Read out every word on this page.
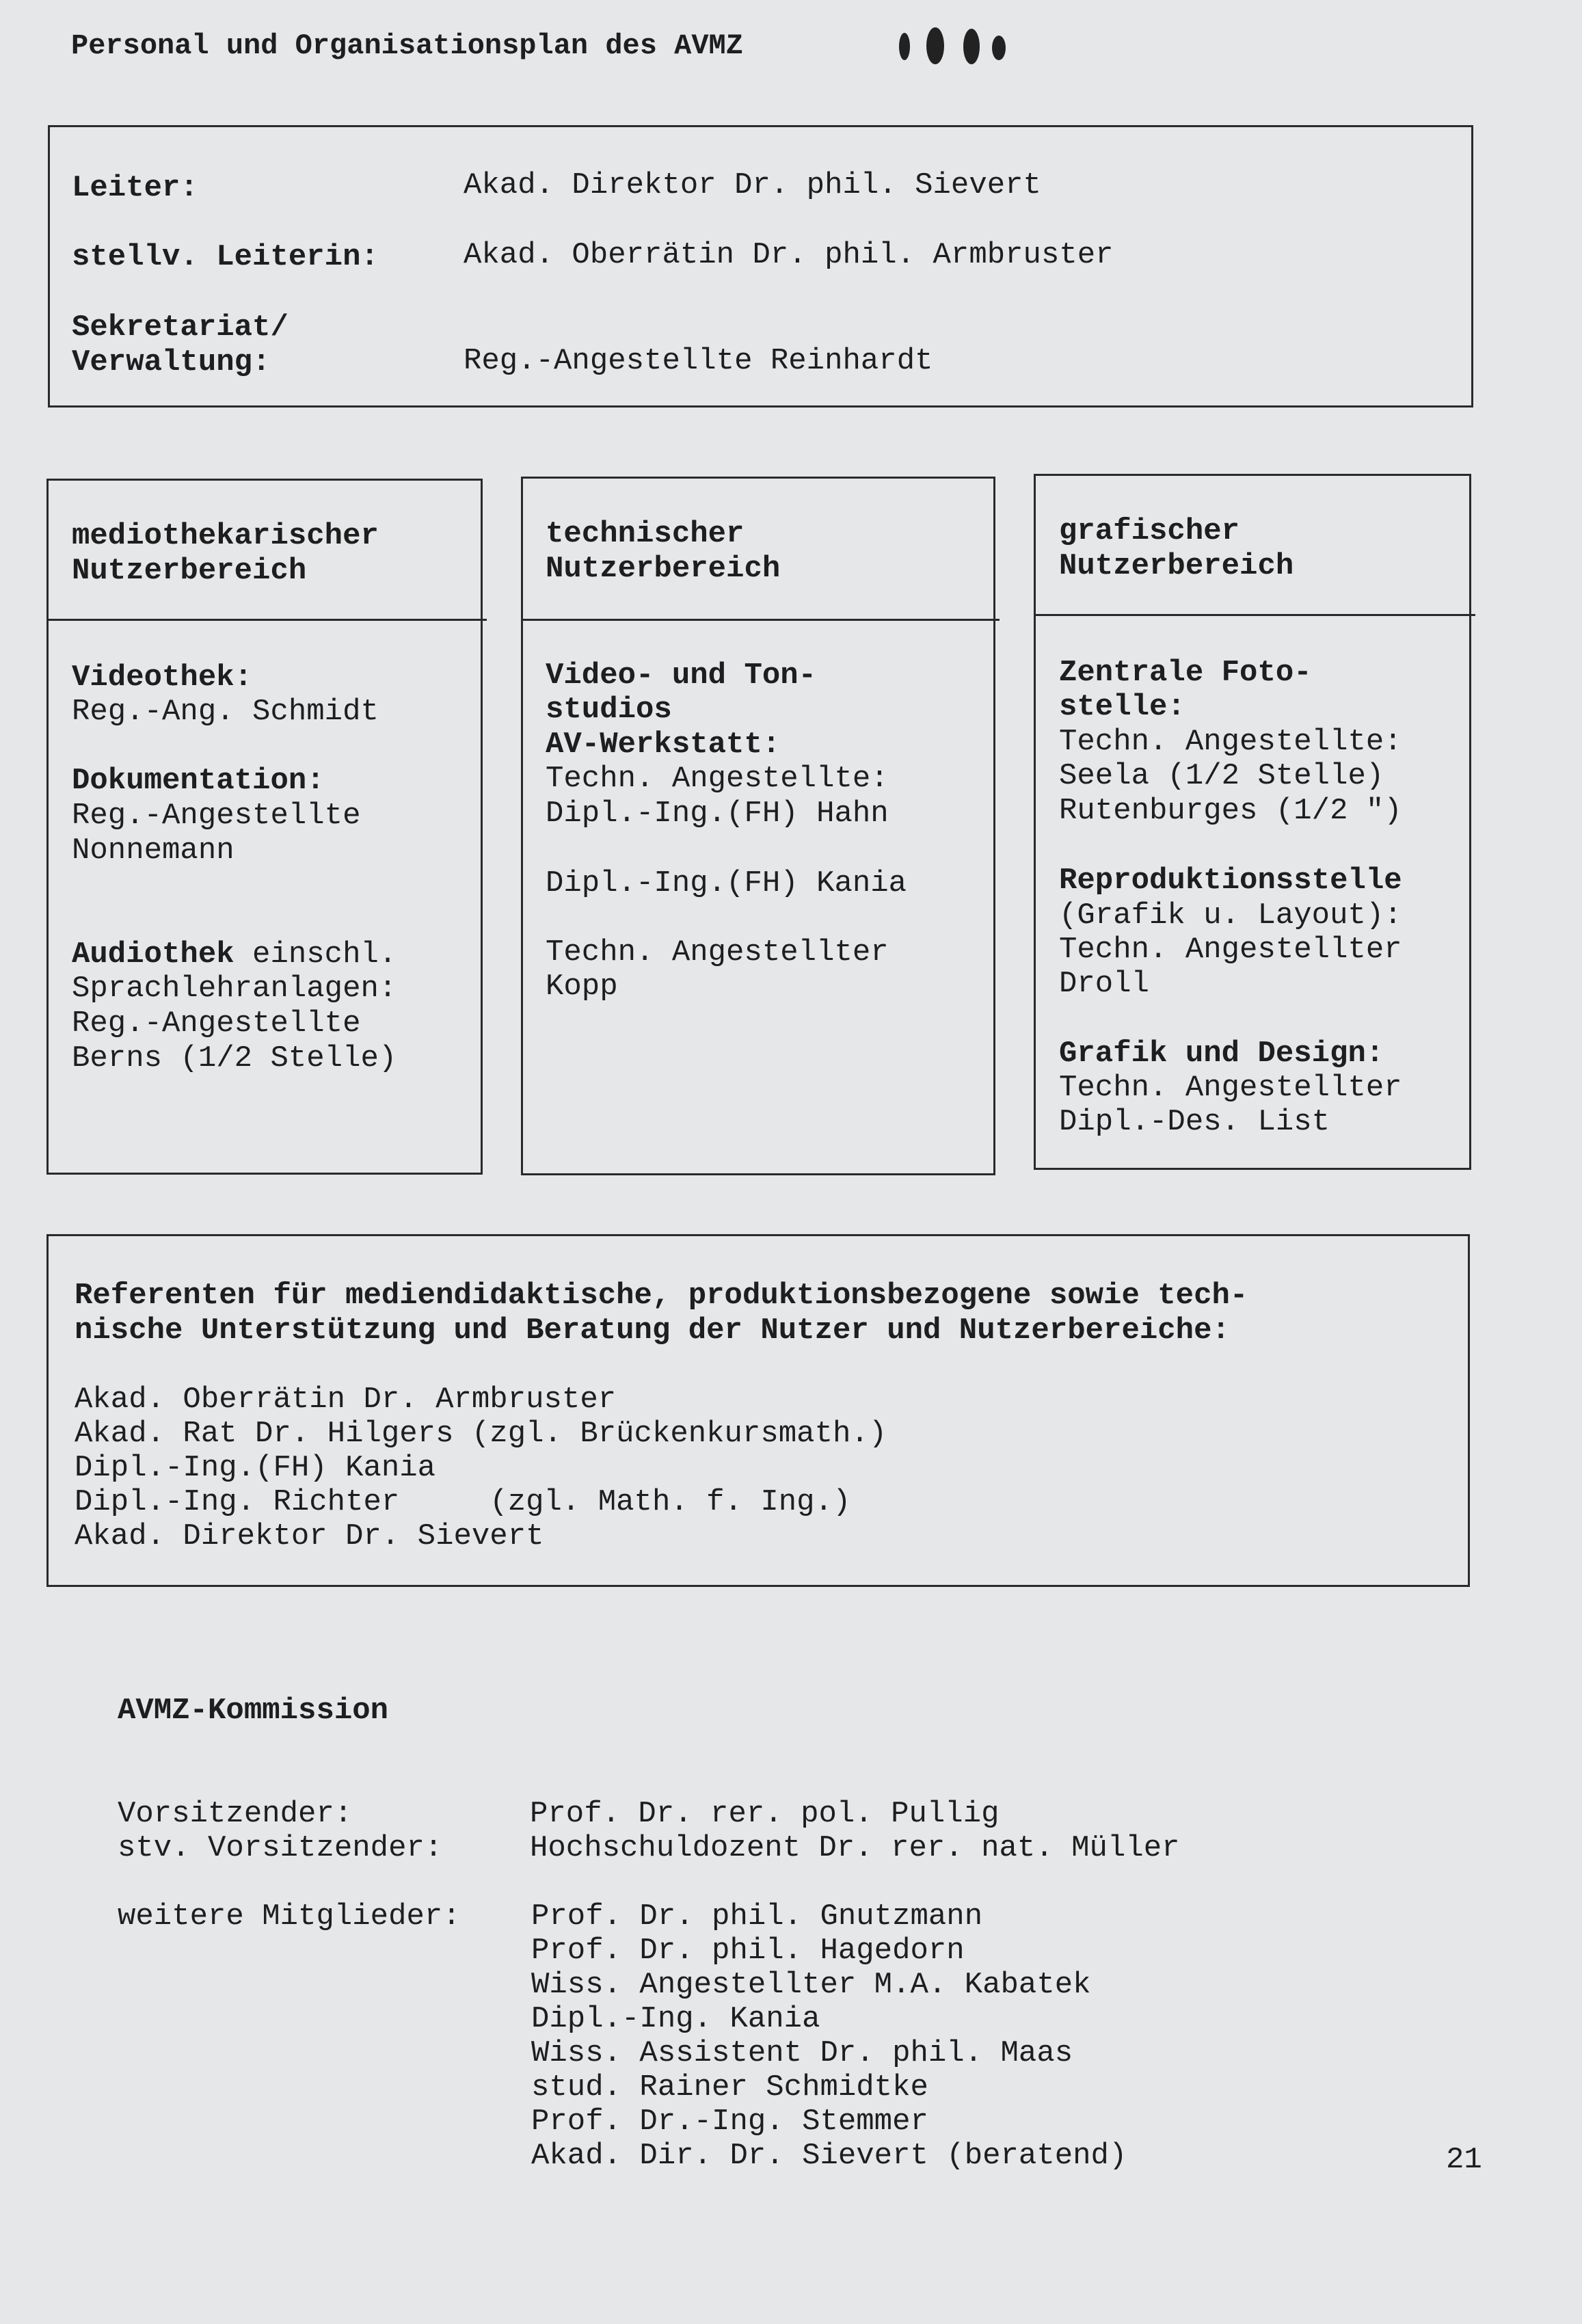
Personal und Organisationsplan des AVMZ
Leiter:	Akad. Direktor Dr. phil. Sievert
stellv. Leiterin:	Akad. Oberrätin Dr. phil. Armbruster
Sekretariat/
Verwaltung:	Reg.-Angestellte Reinhardt
mediothekarischer
Nutzerbereich
Videothek:
Reg.-Ang. Schmidt
Dokumentation:
Reg.-Angestellte
Nonnemann
Audiothek einschl.
Sprachlehranlagen:
Reg.-Angestellte
Berns (1/2 Stelle)
technischer
Nutzerbereich
Video- und Ton-
studios
AV-Werkstatt:
Techn. Angestellte:
Dipl.-Ing.(FH) Hahn
Dipl.-Ing.(FH) Kania
Techn. Angestellter
Kopp
grafischer
Nutzerbereich
Zentrale Foto-
stelle:
Techn. Angestellte:
Seela (1/2 Stelle)
Rutenburges (1/2 ")
Reproduktionsstelle
(Grafik u. Layout):
Techn. Angestellter
Droll
Grafik und Design:
Techn. Angestellter
Dipl.-Des. List
Referenten für mediendidaktische, produktionsbezogene sowie tech-
nische Unterstützung und Beratung der Nutzer und Nutzerbereiche:
Akad. Oberrätin Dr. Armbruster
Akad. Rat Dr. Hilgers (zgl. Brückenkursmath.)
Dipl.-Ing.(FH) Kania
Dipl.-Ing. Richter     (zgl. Math. f. Ing.)
Akad. Direktor Dr. Sievert
AVMZ-Kommission
Vorsitzender:	Prof. Dr. rer. pol. Pullig
stv. Vorsitzender:	Hochschuldozent Dr. rer. nat. Müller
weitere Mitglieder: Prof. Dr. phil. Gnutzmann
Prof. Dr. phil. Hagedorn
Wiss. Angestellter M.A. Kabatek
Dipl.-Ing. Kania
Wiss. Assistent Dr. phil. Maas
stud. Rainer Schmidtke
Prof. Dr.-Ing. Stemmer
Akad. Dir. Dr. Sievert (beratend)	21
